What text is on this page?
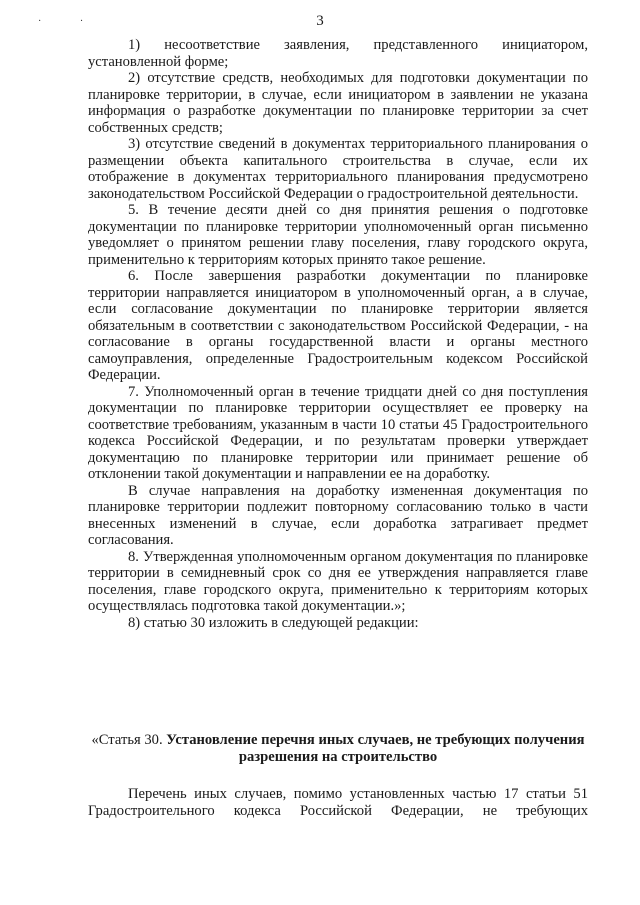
· ·	3

1) несоответствие заявления, представленного инициатором, установленной форме;

2) отсутствие средств, необходимых для подготовки документации по планировке территории, в случае, если инициатором в заявлении не указана информация о разработке документации по планировке территории за счет собственных средств;

3) отсутствие сведений в документах территориального планирования о размещении объекта капитального строительства в случае, если их отображение в документах территориального планирования предусмотрено законодательством Российской Федерации о градостроительной деятельности.

5. В течение десяти дней со дня принятия решения о подготовке документации по планировке территории уполномоченный орган письменно уведомляет о принятом решении главу поселения, главу городского округа, применительно к территориям которых принято такое решение.

6. После завершения разработки документации по планировке территории направляется инициатором в уполномоченный орган, а в случае, если согласование документации по планировке территории является обязательным в соответствии с законодательством Российской Федерации, - на согласование в органы государственной власти и органы местного самоуправления, определенные Градостроительным кодексом Российской Федерации.

7. Уполномоченный орган в течение тридцати дней со дня поступления документации по планировке территории осуществляет ее проверку на соответствие требованиям, указанным в части 10 статьи 45 Градостроительного кодекса Российской Федерации, и по результатам проверки утверждает документацию по планировке территории или принимает решение об отклонении такой документации и направлении ее на доработку.

В случае направления на доработку измененная документация по планировке территории подлежит повторному согласованию только в части внесенных изменений в случае, если доработка затрагивает предмет согласования.

8. Утвержденная уполномоченным органом документация по планировке территории в семидневный срок со дня ее утверждения направляется главе поселения, главе городского округа, применительно к территориям которых осуществлялась подготовка такой документации.»;

8) статью 30 изложить в следующей редакции:

«Статья 30. Установление перечня иных случаев, не требующих получения разрешения на строительство

Перечень иных случаев, помимо установленных частью 17 статьи 51 Градостроительного кодекса Российской Федерации, не требующих
